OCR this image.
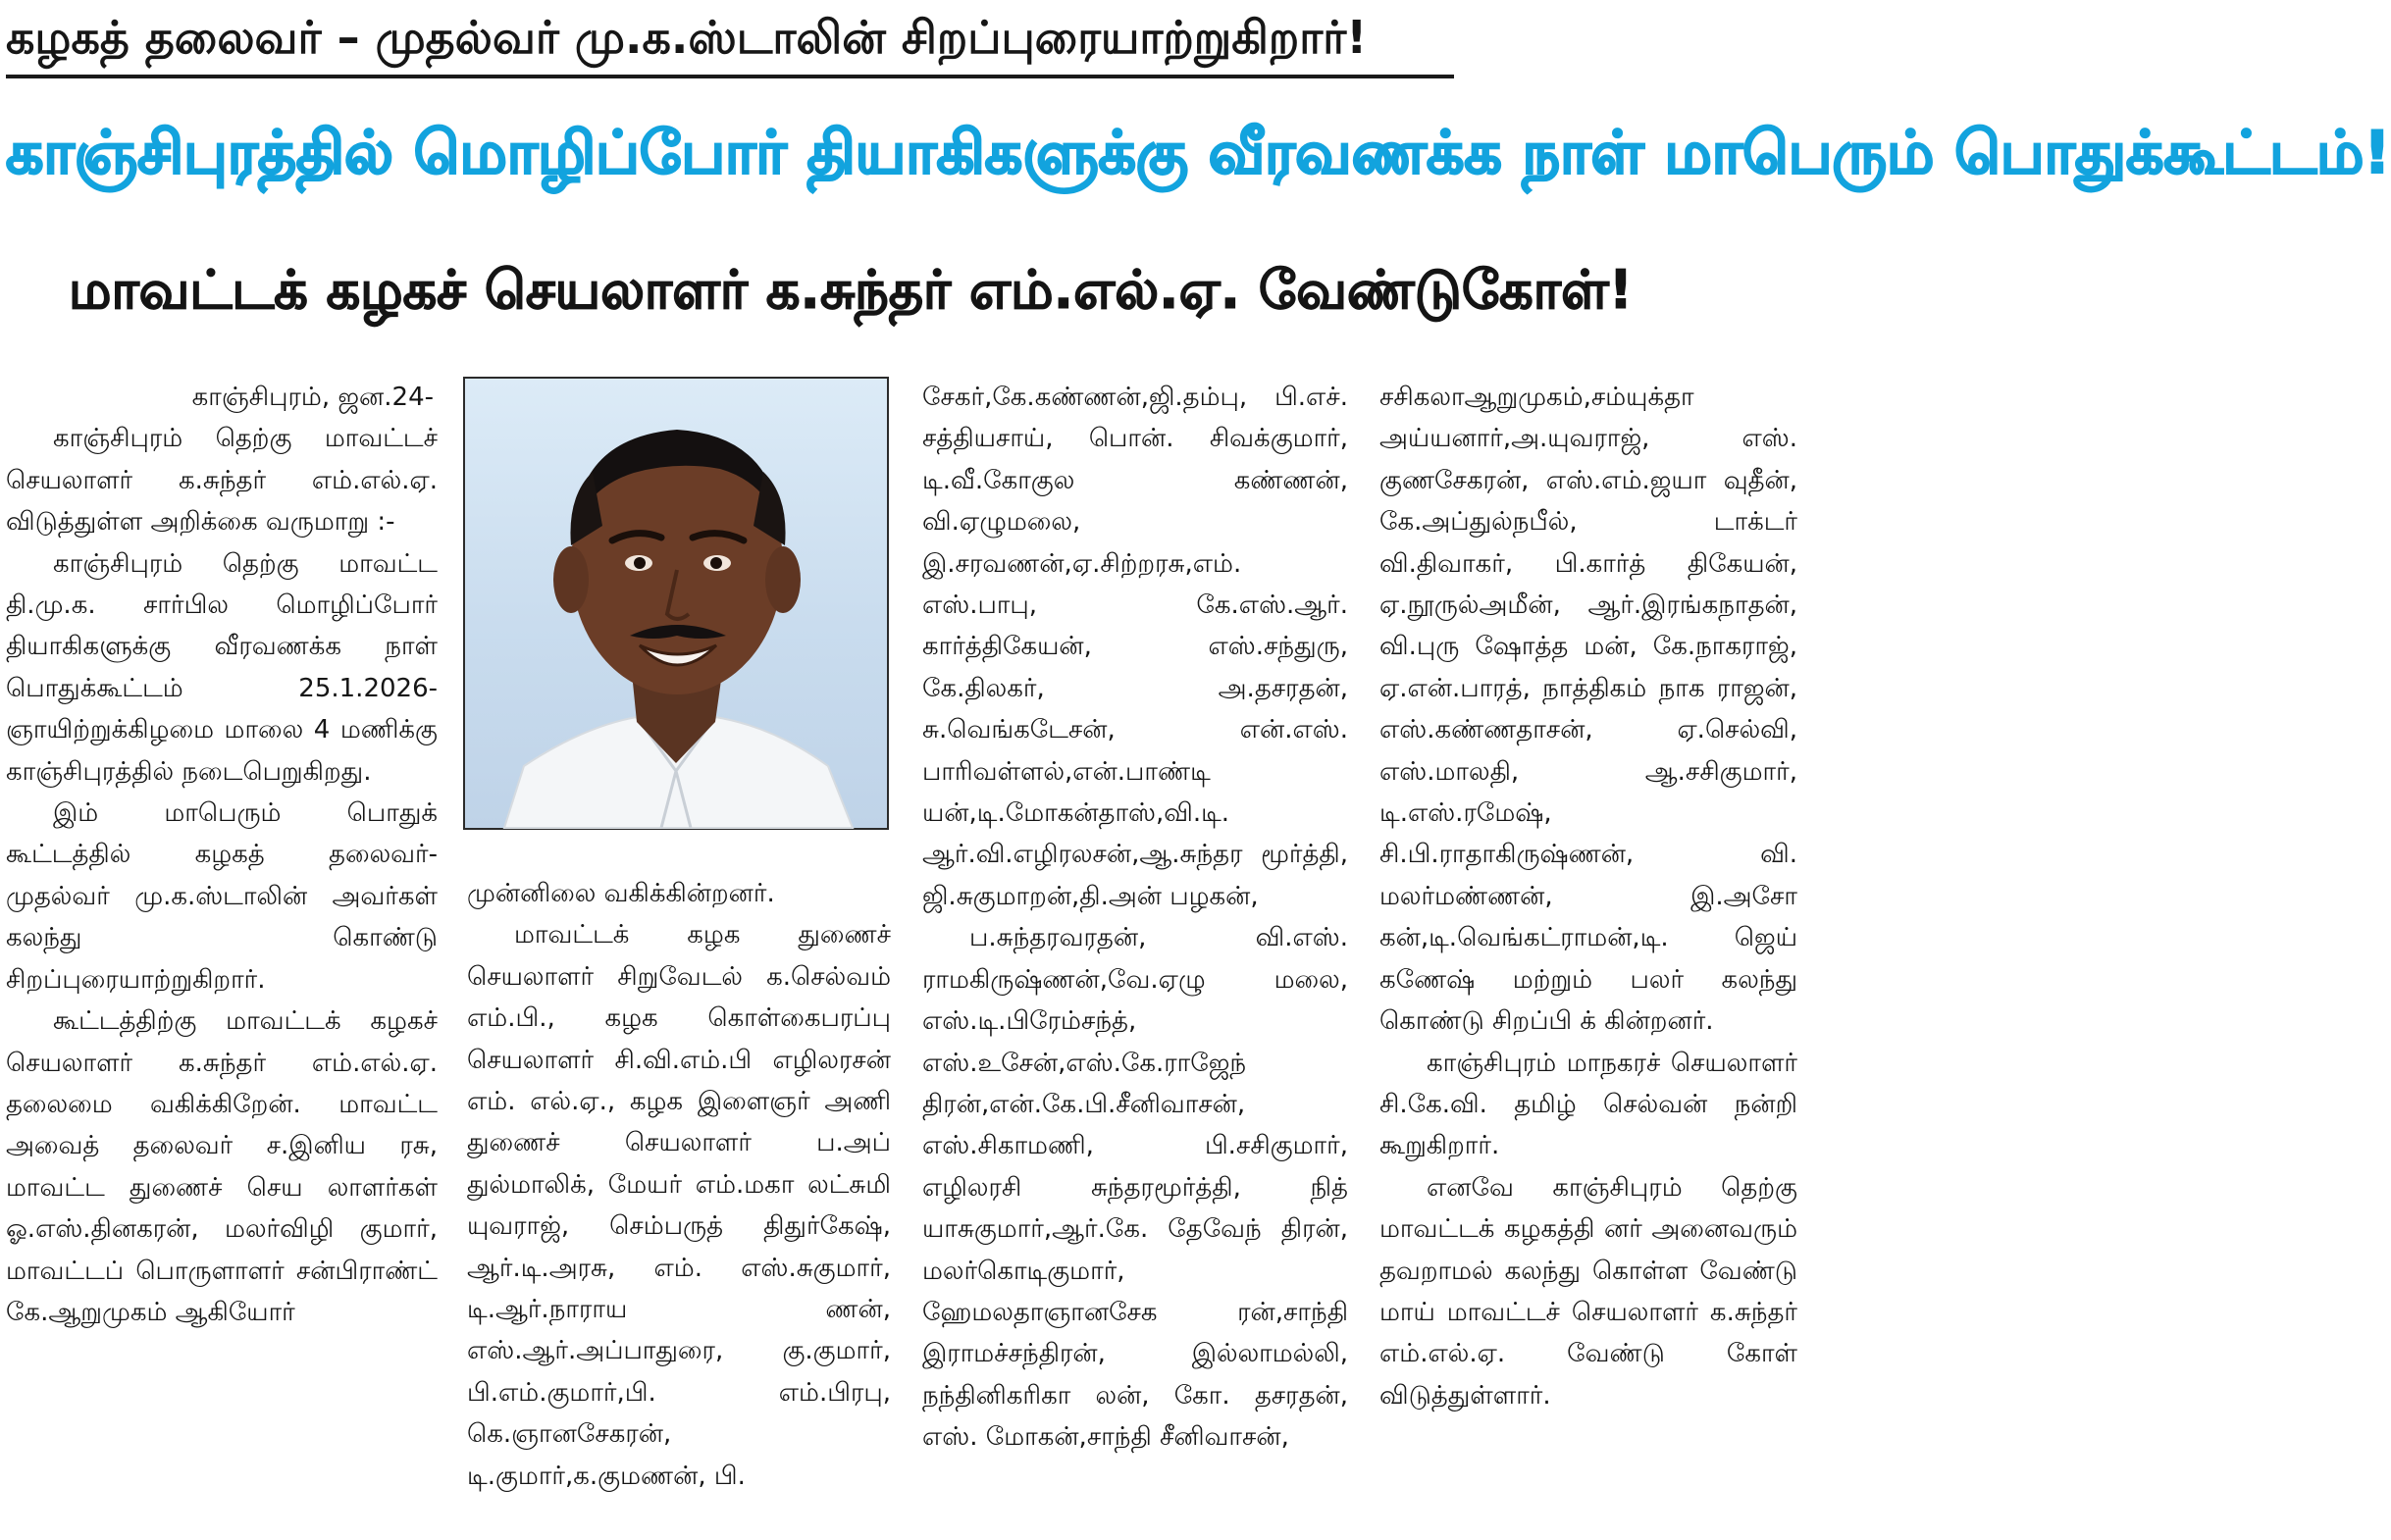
கழகத் தலைவர் – முதல்வர் மு.க.ஸ்டாலின் சிறப்புரையாற்றுகிறார்!
காஞ்சிபுரத்தில் மொழிப்போர் தியாகிகளுக்கு வீரவணக்க நாள் மாபெரும் பொதுக்கூட்டம்!
மாவட்டக் கழகச் செயலாளர் க.சுந்தர் எம்.எல்.ஏ. வேண்டுகோள்!

காஞ்சிபுரம், ஜன.24-

காஞ்சிபுரம் தெற்கு மாவட்டச் செயலாளர் க.சுந்தர் எம்.எல்.ஏ. விடுத்துள்ள அறிக்கை வருமாறு :-

காஞ்சிபுரம் தெற்கு மாவட்ட தி.மு.க. சார்பில மொழிப்போர் தியாகிகளுக்கு வீரவணக்க நாள் பொதுக்கூட்டம் 25.1.2026- ஞாயிற்றுக்கிழமை மாலை 4 மணிக்கு காஞ்சிபுரத்தில் நடைபெறுகிறது.

இம் மாபெரும் பொதுக் கூட்டத்தில் கழகத் தலைவர்- முதல்வர் மு.க.ஸ்டாலின் அவர்கள் கலந்து கொண்டு சிறப்புரையாற்றுகிறார்.

கூட்டத்திற்கு மாவட்டக் கழகச் செயலாளர் க.சுந்தர் எம்.எல்.ஏ. தலைமை வகிக்கிறேன். மாவட்ட அவைத் தலைவர் ச.இனிய ரசு, மாவட்ட துணைச் செய லாளர்கள் ஓ.எஸ்.தினகரன், மலர்விழி குமார், மாவட்டப் பொருளாளர் சன்பிராண்ட் கே.ஆறுமுகம் ஆகியோர்

முன்னிலை வகிக்கின்றனர்.

மாவட்டக் கழக துணைச் செயலாளர் சிறுவேடல் க.செல்வம் எம்.பி., கழக கொள்கைபரப்பு செயலாளர் சி.வி.எம்.பி எழிலரசன் எம். எல்.ஏ., கழக இளைஞர் அணி துணைச் செயலாளர் ப.அப் துல்மாலிக், மேயர் எம்.மகா லட்சுமி யுவராஜ், செம்பருத் திதுர்கேஷ், ஆர்.டி.அரசு, எம். எஸ்.சுகுமார், டி.ஆர்.நாராய ணன், எஸ்.ஆர்.அப்பாதுரை, கு.குமார், பி.எம்.குமார்,பி. எம்.பிரபு, கெ.ஞானசேகரன், டி.குமார்,க.குமணன், பி.

சேகர்,கே.கண்ணன்,ஜி.தம்பு, பி.எச். சத்தியசாய், பொன். சிவக்குமார், டி.வீ.கோகுல கண்ணன், வி.ஏழுமலை, இ.சரவணன்,ஏ.சிற்றரசு,எம். எஸ்.பாபு, கே.எஸ்.ஆர். கார்த்திகேயன், எஸ்.சந்துரு, கே.திலகர், அ.தசரதன், சு.வெங்கடேசன், என்.எஸ். பாரிவள்ளல்,என்.பாண்டி யன்,டி.மோகன்தாஸ்,வி.டி. ஆர்.வி.எழிரலசன்,ஆ.சுந்தர மூர்த்தி, ஜி.சுகுமாறன்,தி.அன் பழகன்,

ப.சுந்தரவரதன், வி.எஸ். ராமகிருஷ்ணன்,வே.ஏழு மலை, எஸ்.டி.பிரேம்சந்த், எஸ்.உசேன்,எஸ்.கே.ராஜேந் திரன்,என்.கே.பி.சீனிவாசன், எஸ்.சிகாமணி, பி.சசிகுமார், எழிலரசி சுந்தரமூர்த்தி, நித் யாசுகுமார்,ஆர்.கே. தேவேந் திரன், மலர்கொடிகுமார், ஹேமலதாஞானசேக ரன்,சாந்தி இராமச்சந்திரன், இல்லாமல்லி, நந்தினிகரிகா லன், கோ. தசரதன், எஸ். மோகன்,சாந்தி சீனிவாசன்,

சசிகலாஆறுமுகம்,சம்யுக்தா அய்யனார்,அ.யுவராஜ், எஸ். குணசேகரன், எஸ்.எம்.ஜயா வுதீன், கே.அப்துல்நபீல், டாக்டர் வி.திவாகர், பி.கார்த் திகேயன், ஏ.நூருல்அமீன், ஆர்.இரங்கநாதன், வி.புரு ஷோத்த மன், கே.நாகராஜ், ஏ.என்.பாரத், நாத்திகம் நாக ராஜன், எஸ்.கண்ணதாசன், ஏ.செல்வி, எஸ்.மாலதி, ஆ.சசிகுமார், டி.எஸ்.ரமேஷ், சி.பி.ராதாகிருஷ்ணன், வி. மலர்மண்ணன், இ.அசோ கன்,டி.வெங்கட்ராமன்,டி. ஜெய் கணேஷ் மற்றும் பலர் கலந்து கொண்டு சிறப்பி க் கின்றனர்.

காஞ்சிபுரம் மாநகரச் செயலாளர் சி.கே.வி. தமிழ் செல்வன் நன்றி கூறுகிறார்.

எனவே காஞ்சிபுரம் தெற்கு மாவட்டக் கழகத்தி னர் அனைவரும் தவறாமல் கலந்து கொள்ள வேண்டு மாய் மாவட்டச் செயலாளர் க.சுந்தர் எம்.எல்.ஏ. வேண்டு கோள் விடுத்துள்ளார்.
